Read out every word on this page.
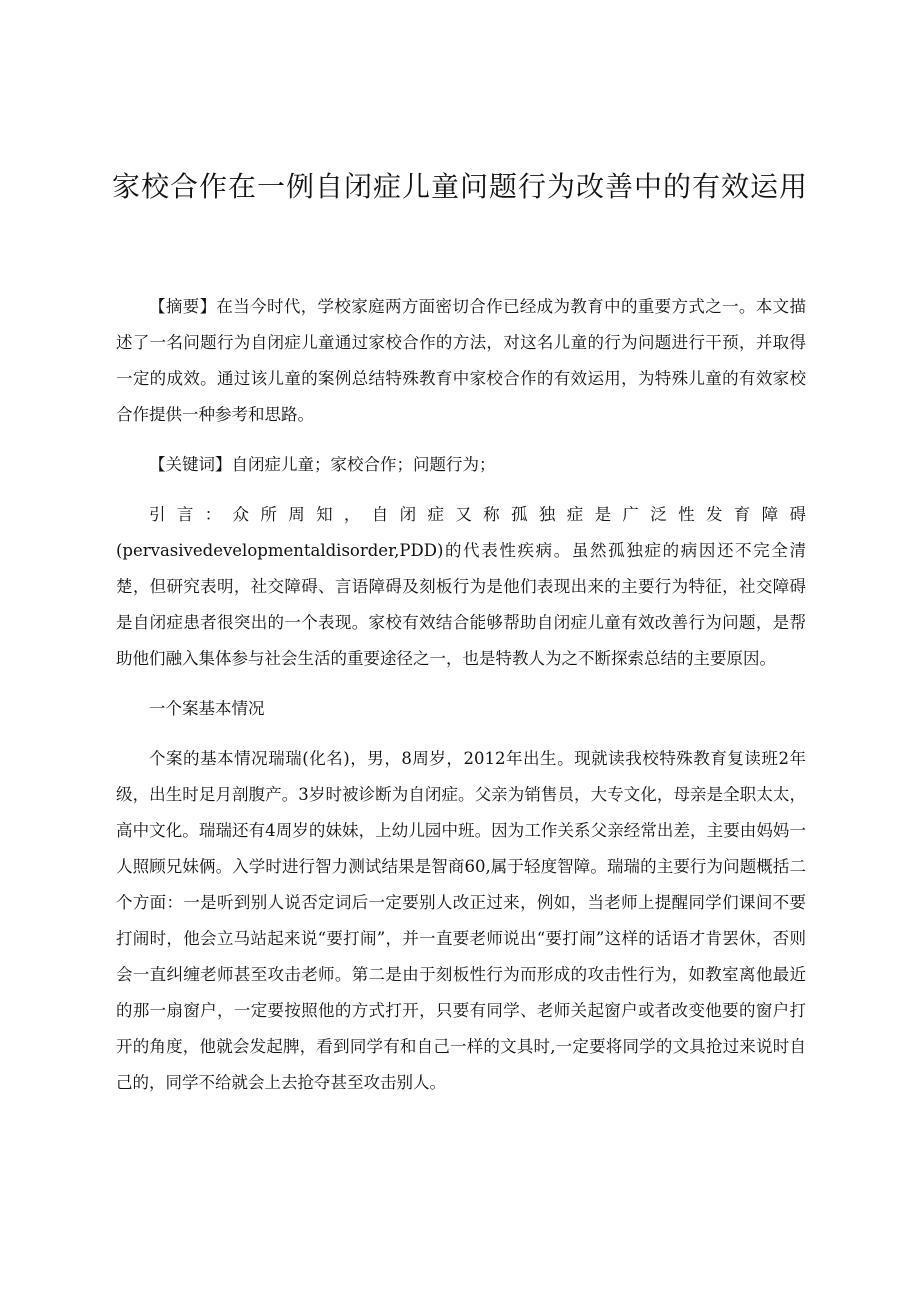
家校合作在一例自闭症儿童问题行为改善中的有效运用

【摘要】在当今时代，学校家庭两方面密切合作已经成为教育中的重要方式之一。本文描述了一名问题行为自闭症儿童通过家校合作的方法，对这名儿童的行为问题进行干预，并取得一定的成效。通过该儿童的案例总结特殊教育中家校合作的有效运用，为特殊儿童的有效家校合作提供一种参考和思路。

【关键词】自闭症儿童；家校合作；问题行为；

引言：众所周知，自闭症又称孤独症是广泛性发育障碍(pervasivedevelopmentaldisorder,PDD)的代表性疾病。虽然孤独症的病因还不完全清楚，但研究表明，社交障碍、言语障碍及刻板行为是他们表现出来的主要行为特征，社交障碍是自闭症患者很突出的一个表现。家校有效结合能够帮助自闭症儿童有效改善行为问题，是帮助他们融入集体参与社会生活的重要途径之一，也是特教人为之不断探索总结的主要原因。

一个案基本情况

个案的基本情况瑞瑞(化名)，男，8周岁，2012年出生。现就读我校特殊教育复读班2年级，出生时足月剖腹产。3岁时被诊断为自闭症。父亲为销售员，大专文化，母亲是全职太太，高中文化。瑞瑞还有4周岁的妹妹，上幼儿园中班。因为工作关系父亲经常出差，主要由妈妈一人照顾兄妹俩。入学时进行智力测试结果是智商60,属于轻度智障。瑞瑞的主要行为问题概括二个方面：一是听到别人说否定词后一定要别人改正过来，例如，当老师上提醒同学们课间不要打闹时，他会立马站起来说“要打闹”，并一直要老师说出“要打闹”这样的话语才肯罢休，否则会一直纠缠老师甚至攻击老师。第二是由于刻板性行为而形成的攻击性行为，如教室离他最近的那一扇窗户，一定要按照他的方式打开，只要有同学、老师关起窗户或者改变他要的窗户打开的角度，他就会发起脾，看到同学有和自己一样的文具时,一定要将同学的文具抢过来说时自己的，同学不给就会上去抢夺甚至攻击别人。
